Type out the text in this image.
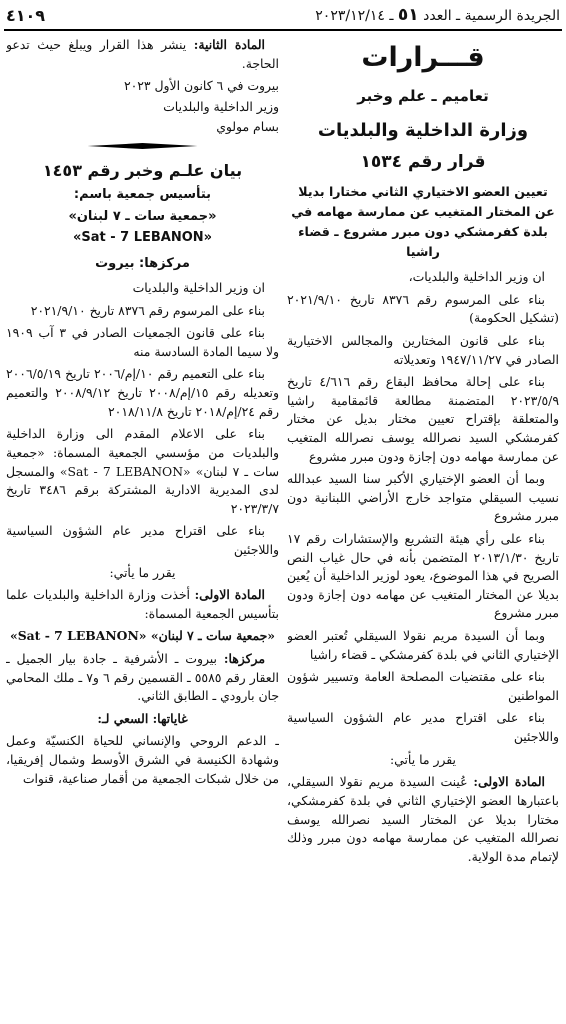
الجريدة الرسمية ـ العدد ٥١ ـ ٢٠٢٣/١٢/١٤
٤١٠٩
قـــرارات
تعاميم ـ علم وخبر
وزارة الداخلية والبلديات
قرار رقم ١٥٣٤
تعيين العضو الاختياري الثاني مختارا بديلا عن المختار المتغيب عن ممارسة مهامه في بلدة كفرمشكي دون مبرر مشروع ـ قضاء راشيا

ان وزير الداخلية والبلديات،

بناء على المرسوم رقم ٨٣٧٦ تاريخ ٢٠٢١/٩/١٠ (تشكيل الحكومة)

بناء على قانون المختارين والمجالس الاختيارية الصادر في ١٩٤٧/١١/٢٧ وتعديلاته

بناء على إحالة محافظ البقاع رقم ٤/٦١٦ تاريخ ٢٠٢٣/٥/٩ المتضمنة مطالعة قائمقامية راشيا والمتعلقة بإقتراح تعيين مختار بديل عن مختار كفرمشكي السيد نصرالله يوسف نصرالله المتغيب عن ممارسة مهامه دون إجازة ودون مبرر مشروع

وبما أن العضو الإختياري الأكبر سنا السيد عبدالله نسيب السيقلي متواجد خارج الأراضي اللبنانية دون مبرر مشروع

بناء على رأي هيئة التشريع والإستشارات رقم ١٧ تاريخ ٢٠١٣/١/٣٠ المتضمن بأنه في حال غياب النص الصريح في هذا الموضوع، يعود لوزير الداخلية أن يُعين بديلا عن المختار المتغيب عن مهامه دون إجازة ودون مبرر مشروع

وبما أن السيدة مريم نقولا السيقلي تُعتبر العضو الإختياري الثاني في بلدة كفرمشكي ـ قضاء راشيا

بناء على مقتضيات المصلحة العامة وتسيير شؤون المواطنين

بناء على اقتراح مدير عام الشؤون السياسية واللاجئين

يقرر ما يأتي:

المادة الاولى: عُينت السيدة مريم نقولا السيقلي، باعتبارها العضو الإختياري الثاني في بلدة كفرمشكي، مختارا بديلا عن المختار السيد نصرالله يوسف نصرالله المتغيب عن ممارسة مهامه دون مبرر وذلك لإتمام مدة الولاية.

المادة الثانية: ينشر هذا القرار ويبلغ حيث تدعو الحاجة.

بيروت في ٦ كانون الأول ٢٠٢٣

وزير الداخلية والبلديات

بسام مولوي

بيان علـم وخبر رقم ١٤٥٣
بتأسيس جمعية باسم:
«جمعية سات ـ ٧ لبنان»
«Sat - 7 LEBANON»
مركزها: بيروت

ان وزير الداخلية والبلديات

بناء على المرسوم رقم ٨٣٧٦ تاريخ ٢٠٢١/٩/١٠

بناء على قانون الجمعيات الصادر في ٣ آب ١٩٠٩ ولا سيما المادة السادسة منه

بناء على التعميم رقم ١٠/إم/٢٠٠٦ تاريخ ٢٠٠٦/٥/١٩ وتعديله رقم ١٥/إم/٢٠٠٨ تاريخ ٢٠٠٨/٩/١٢ والتعميم رقم ٢٤/إم/٢٠١٨ تاريخ ٢٠١٨/١١/٨

بناء على الاعلام المقدم الى وزارة الداخلية والبلديات من مؤسسي الجمعية المسماة: «جمعية سات ـ ٧ لبنان» «Sat - 7 LEBANON» والمسجل لدى المديرية الادارية المشتركة برقم ٣٤٨٦ تاريخ ٢٠٢٣/٣/٧

بناء على اقتراح مدير عام الشؤون السياسية واللاجئين

يقرر ما يأتي:

المادة الاولى: أخذت وزارة الداخلية والبلديات علما بتأسيس الجمعية المسماة:

«جمعية سات ـ ٧ لبنان» «Sat - 7 LEBANON»

مركزها: بيروت ـ الأشرفية ـ جادة بيار الجميل ـ العقار رقم ٥٥٨٥ ـ القسمين رقم ٦ و٧ ـ ملك المحامي جان بارودي ـ الطابق الثاني.

غاياتها: السعي لـ:

ـ الدعم الروحي والإنساني للحياة الكنسيّة وعمل وشهادة الكنيسة في الشرق الأوسط وشمال إفريقيا، من خلال شبكات الجمعية من أقمار صناعية، قنوات
